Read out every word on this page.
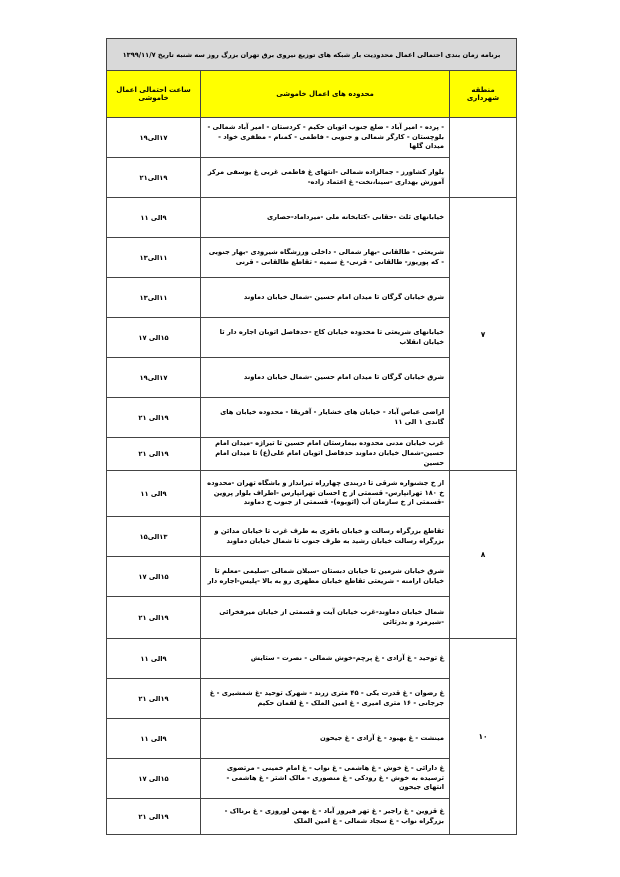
برنامه زمان بندی احتمالی اعمال محدودیت بار شبکه های توزیع نیروی برق تهران بزرگ روز سه شنبه تاریخ ۱۳۹۹/۱۱/۷		
منطقه شهرداری	محدوده های اعمال خاموشی	ساعت احتمالی اعمال خاموشی
	- پرده - امیر آباد - ضلع جنوب اتوبان حکیم - کردستان - امیر آباد شمالی - بلوچستان - کارگر شمالی و جنوبی - فاطمی - کمنام - مظفری خواد - میدان گلها	۱۷الی۱۹
	بلوار کشاورز - جمالزاده شمالی -انتهای غ فاطمی غربی غ یوسفی مرکز آموزش بهداری -سینا،نخت- غ اعتماد زاده-	۱۹الی۲۱
۷	خیابانهای ثلث -حقانی -کتابخانه ملی -میرداماد-حصاری	۹الی ۱۱
	شریعتی - طالقانی -بهار شمالی - داخلی ورزشگاه شیرودی -بهار جنوبی - که پوریوز- طالقانی - قرنی- غ سمیه - تقاطع طالقانی - قرنی	۱۱الی۱۳
	شرق خیابان گرگان تا میدان امام حسین -شمال خیابان دماوند	۱۱الی۱۳
	خیابانهای شریعتی تا محدوده خیابان کاج -حدفاصل اتوبان اجاره دار تا خیابان انقلاب	۱۵الی ۱۷
	شرق خیابان گرگان تا میدان امام حسین -شمال خیابان دماوند	۱۷الی۱۹
	اراضی عباس آباد - خیابان های خشایار - آفریقا - محدوده خیابان های گاندی ۱ الی ۱۱	۱۹الی ۲۱
	غرب خیابان مدنی محدوده بیمارستان امام حسین تا تیراژه -میدان امام حسین-شمال خیابان دماوند حدفاصل اتوبان امام علی(ع) تا میدان امام حسین	۱۹الی ۲۱
۸	از خ جشنواره شرقی تا دربندی چهارراه تیرانداز و باشگاه تهران -محدوده خ ۱۸۰ تهرانپارس- قسمتی از خ احسان تهرانپارس -اطراف بلوار پروین -قسمتی از خ سازمان آب (اتوبوه)- قسمتی از جنوب خ دماوند	۹الی ۱۱
	تقاطع بزرگراه رسالت و خیابان باقری به طرف غرب تا خیابان مدائن و بزرگراه رسالت خیابان رشید به طرف جنوب تا شمال خیابان دماوند	۱۳الی۱۵
	شرق خیابان شرمین تا خیابان دبستان -سبلان شمالی -سلیمی -معلم تا خیابان ارامنه - شریعتی تقاطع خیابان مطهری رو به بالا -پلیس-اجاره دار	۱۵الی ۱۷
	شمال خیابان دماوند-غرب خیابان آیت و قسمتی از خیابان میرفخرائی -شیرمرد و بدرتائی	۱۹الی ۲۱
۱۰	غ توحید - غ آزادی - غ پرچم-خوش شمالی - نصرت - ستایش	۹الی ۱۱
	غ رضوان - غ قدرت یکی - ۴۵ متری زرند - شهرک توحید -غ شمشیری - غ جرجانی - ۱۶ متری امیری - غ امین الملک - غ لقمان حکیم	۱۹الی ۲۱
	مینشت - غ بهبود - غ آزادی - غ جیحون	۹الی ۱۱
	غ دارائی - غ خوش - غ هاشمی - غ نواب - غ امام خمینی - مرتضوی ترسیده به خوش - غ رودکی - غ منصوری - مالک اشتر - غ هاشمی - انتهای جیحون	۱۵الی ۱۷
	غ قزوین - غ راجیر - غ تهر فیروز آباد - غ بهمن لوروزی - غ برنااک - بزرگراه نواب - غ سجاد شمالی - غ امین الملک	۱۹الی ۲۱
